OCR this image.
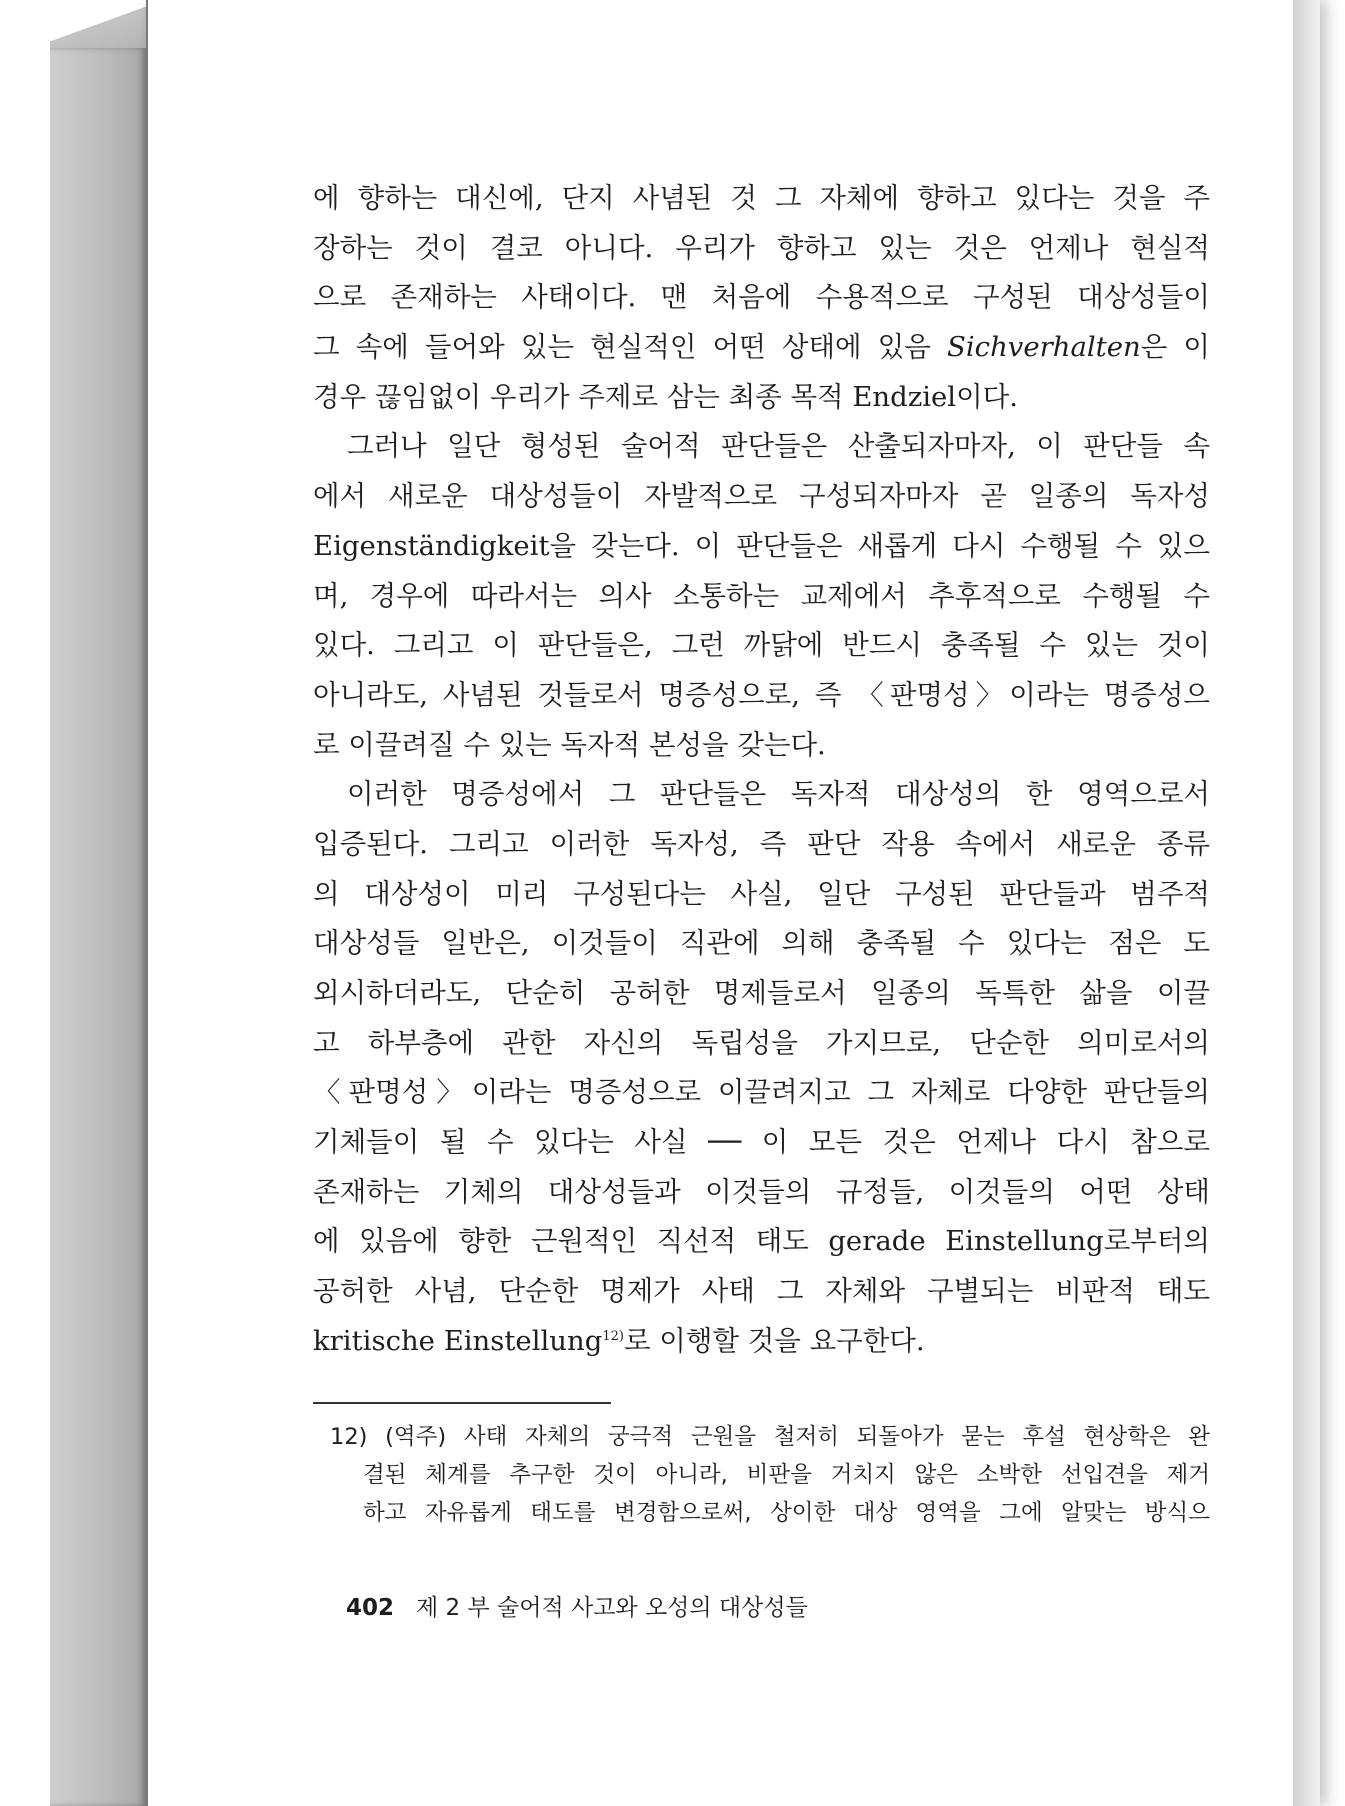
에 향하는 대신에, 단지 사념된 것 그 자체에 향하고 있다는 것을 주
장하는 것이 결코 아니다. 우리가 향하고 있는 것은 언제나 현실적
으로 존재하는 사태이다. 맨 처음에 수용적으로 구성된 대상성들이
그 속에 들어와 있는 현실적인 어떤 상태에 있음 Sichverhalten은 이
경우 끊임없이 우리가 주제로 삼는 최종 목적 Endziel이다.
그러나 일단 형성된 술어적 판단들은 산출되자마자, 이 판단들 속
에서 새로운 대상성들이 자발적으로 구성되자마자 곧 일종의 독자성
Eigenständigkeit을 갖는다. 이 판단들은 새롭게 다시 수행될 수 있으
며, 경우에 따라서는 의사 소통하는 교제에서 추후적으로 수행될 수
있다. 그리고 이 판단들은, 그런 까닭에 반드시 충족될 수 있는 것이
아니라도, 사념된 것들로서 명증성으로, 즉 〈판명성〉이라는 명증성으
로 이끌려질 수 있는 독자적 본성을 갖는다.
이러한 명증성에서 그 판단들은 독자적 대상성의 한 영역으로서
입증된다. 그리고 이러한 독자성, 즉 판단 작용 속에서 새로운 종류
의 대상성이 미리 구성된다는 사실, 일단 구성된 판단들과 범주적
대상성들 일반은, 이것들이 직관에 의해 충족될 수 있다는 점은 도
외시하더라도, 단순히 공허한 명제들로서 일종의 독특한 삶을 이끌
고 하부층에 관한 자신의 독립성을 가지므로, 단순한 의미로서의
〈판명성〉이라는 명증성으로 이끌려지고 그 자체로 다양한 판단들의
기체들이 될 수 있다는 사실 ── 이 모든 것은 언제나 다시 참으로
존재하는 기체의 대상성들과 이것들의 규정들, 이것들의 어떤 상태
에 있음에 향한 근원적인 직선적 태도 gerade Einstellung로부터의
공허한 사념, 단순한 명제가 사태 그 자체와 구별되는 비판적 태도
kritische Einstellung$^{12)}$로 이행할 것을 요구한다.
12) (역주) 사태 자체의 궁극적 근원을 철저히 되돌아가 묻는 후설 현상학은 완
결된 체계를 추구한 것이 아니라, 비판을 거치지 않은 소박한 선입견을 제거
하고 자유롭게 태도를 변경함으로써, 상이한 대상 영역을 그에 알맞는 방식으
402 제 2 부 술어적 사고와 오성의 대상성들
